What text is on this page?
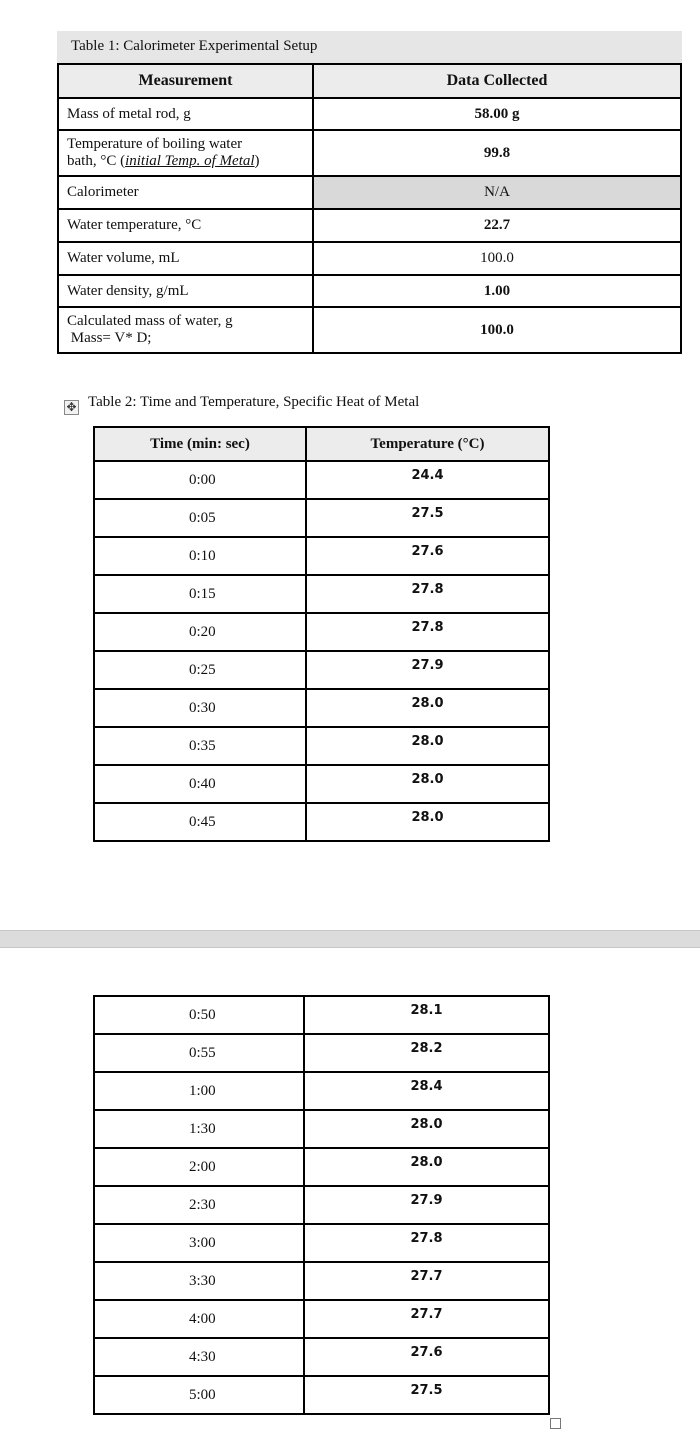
Table 1: Calorimeter Experimental Setup
Measurement	Data Collected
Mass of metal rod, g	58.00 g

Temperature of boiling water
bath, °C (initial Temp. of Metal)	99.8
Calorimeter	N/A
Water temperature, °C	22.7
Water volume, mL	100.0
Water density, g/mL	1.00

Calculated mass of water, g
Mass= V* D;	100.0
Table 2: Time and Temperature, Specific Heat of Metal
✥
Time (min: sec)	Temperature (°C)
0:00	24.4
0:05	27.5
0:10	27.6
0:15	27.8
0:20	27.8
0:25	27.9
0:30	28.0
0:35	28.0
0:40	28.0
0:45	28.0
0:50	28.1
0:55	28.2
1:00	28.4
1:30	28.0
2:00	28.0
2:30	27.9
3:00	27.8
3:30	27.7
4:00	27.7
4:30	27.6
5:00	27.5
